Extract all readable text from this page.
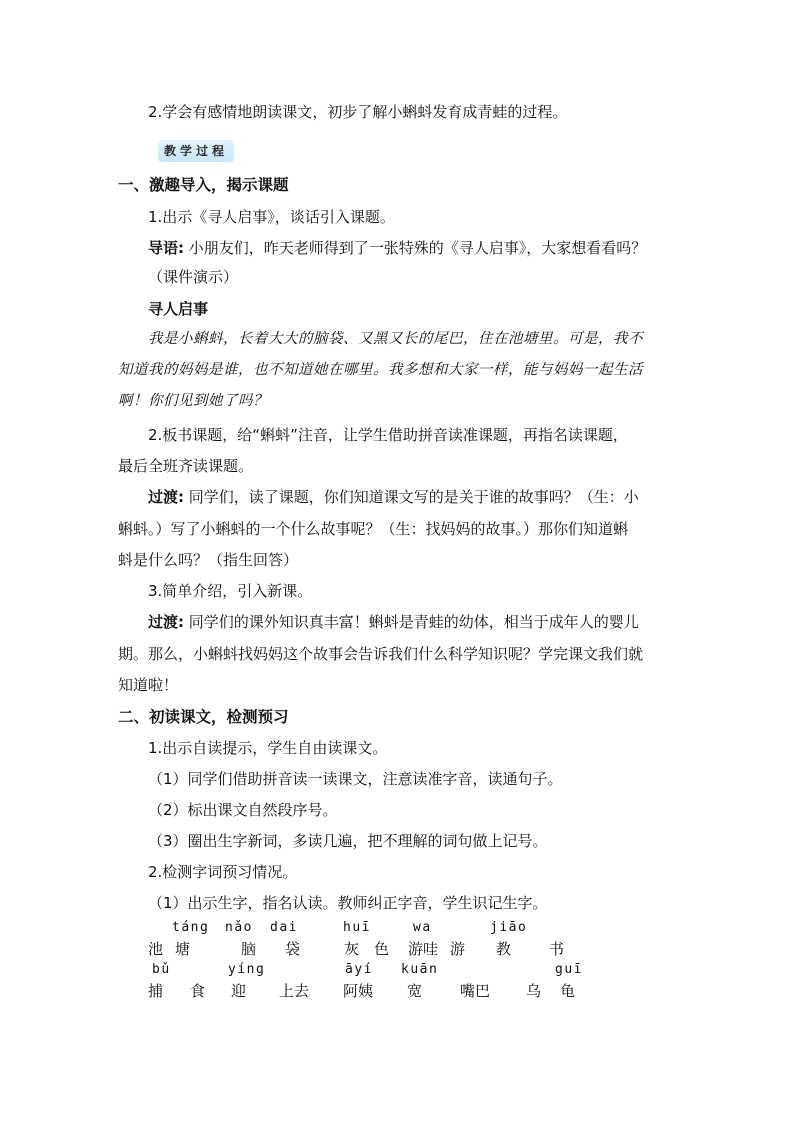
2.学会有感情地朗读课文，初步了解小蝌蚪发育成青蛙的过程。
教学过程
一、激趣导入，揭示课题
1.出示《寻人启事》，谈话引入课题。
导语: 小朋友们，昨天老师得到了一张特殊的《寻人启事》，大家想看看吗？
（课件演示）
寻人启事
我是小蝌蚪，长着大大的脑袋、又黑又长的尾巴，住在池塘里。可是，我不
知道我的妈妈是谁，也不知道她在哪里。我多想和大家一样，能与妈妈一起生活
啊！你们见到她了吗？
2.板书课题，给“蝌蚪”注音，让学生借助拼音读准课题，再指名读课题，
最后全班齐读课题。
过渡: 同学们，读了课题，你们知道课文写的是关于谁的故事吗？（生：小
蝌蚪。）写了小蝌蚪的一个什么故事呢？（生：找妈妈的故事。）那你们知道蝌
蚪是什么吗？（指生回答）
3.简单介绍，引入新课。
过渡: 同学们的课外知识真丰富！蝌蚪是青蛙的幼体，相当于成年人的婴儿
期。那么，小蝌蚪找妈妈这个故事会告诉我们什么科学知识呢？学完课文我们就
知道啦！
二、初读课文，检测预习
1.出示自读提示，学生自由读课文。
（1）同学们借助拼音读一读课文，注意读准字音，读通句子。
（2）标出课文自然段序号。
（3）圈出生字新词，多读几遍，把不理解的词句做上记号。
2.检测字词预习情况。
（1）出示生字，指名认读。教师纠正字音，学生识记生字。
táng nǎo dai	huī	wa	jiāo
池 塘	脑 袋	灰 色 游哇 游 教	书
bǔ	yíng	āyí kuān	guī
捕 食 迎 上去 阿姨 宽	嘴巴 乌 龟
